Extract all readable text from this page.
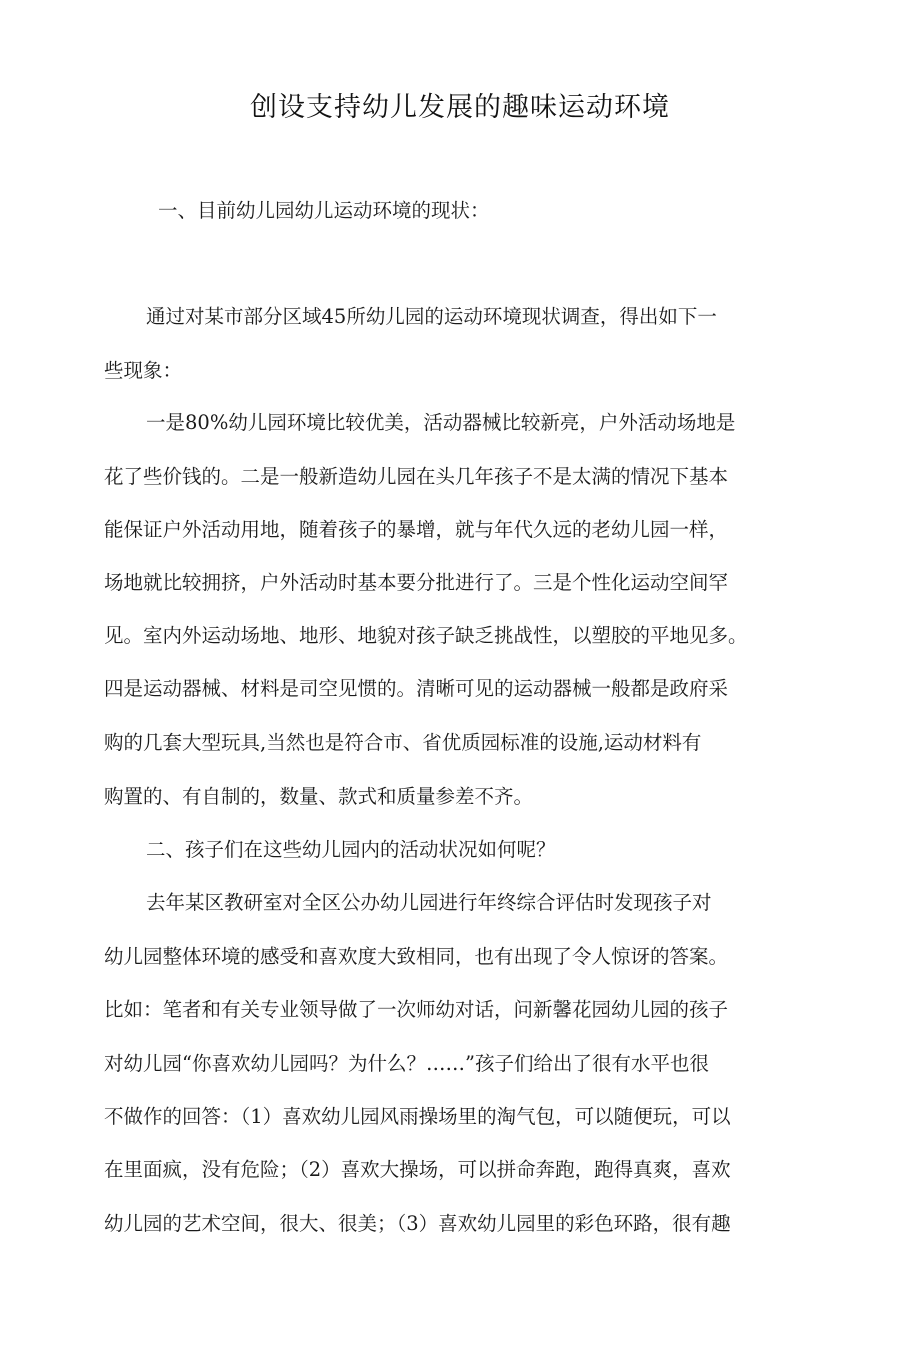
创设支持幼儿发展的趣味运动环境
一、目前幼儿园幼儿运动环境的现状：
通过对某市部分区域45所幼儿园的运动环境现状调查，得出如下一
些现象：
一是80%幼儿园环境比较优美，活动器械比较新亮，户外活动场地是
花了些价钱的。二是一般新造幼儿园在头几年孩子不是太满的情况下基本
能保证户外活动用地，随着孩子的暴增，就与年代久远的老幼儿园一样，
场地就比较拥挤，户外活动时基本要分批进行了。三是个性化运动空间罕
见。室内外运动场地、地形、地貌对孩子缺乏挑战性，以塑胶的平地见多。
四是运动器械、材料是司空见惯的。清晰可见的运动器械一般都是政府采
购的几套大型玩具,当然也是符合市、省优质园标准的设施,运动材料有
购置的、有自制的，数量、款式和质量参差不齐。
二、孩子们在这些幼儿园内的活动状况如何呢？
去年某区教研室对全区公办幼儿园进行年终综合评估时发现孩子对
幼儿园整体环境的感受和喜欢度大致相同，也有出现了令人惊讶的答案。
比如：笔者和有关专业领导做了一次师幼对话，问新馨花园幼儿园的孩子
对幼儿园“你喜欢幼儿园吗？为什么？……”孩子们给出了很有水平也很
不做作的回答：（1）喜欢幼儿园风雨操场里的淘气包，可以随便玩，可以
在里面疯，没有危险；（2）喜欢大操场，可以拼命奔跑，跑得真爽，喜欢
幼儿园的艺术空间，很大、很美；（3）喜欢幼儿园里的彩色环路，很有趣
